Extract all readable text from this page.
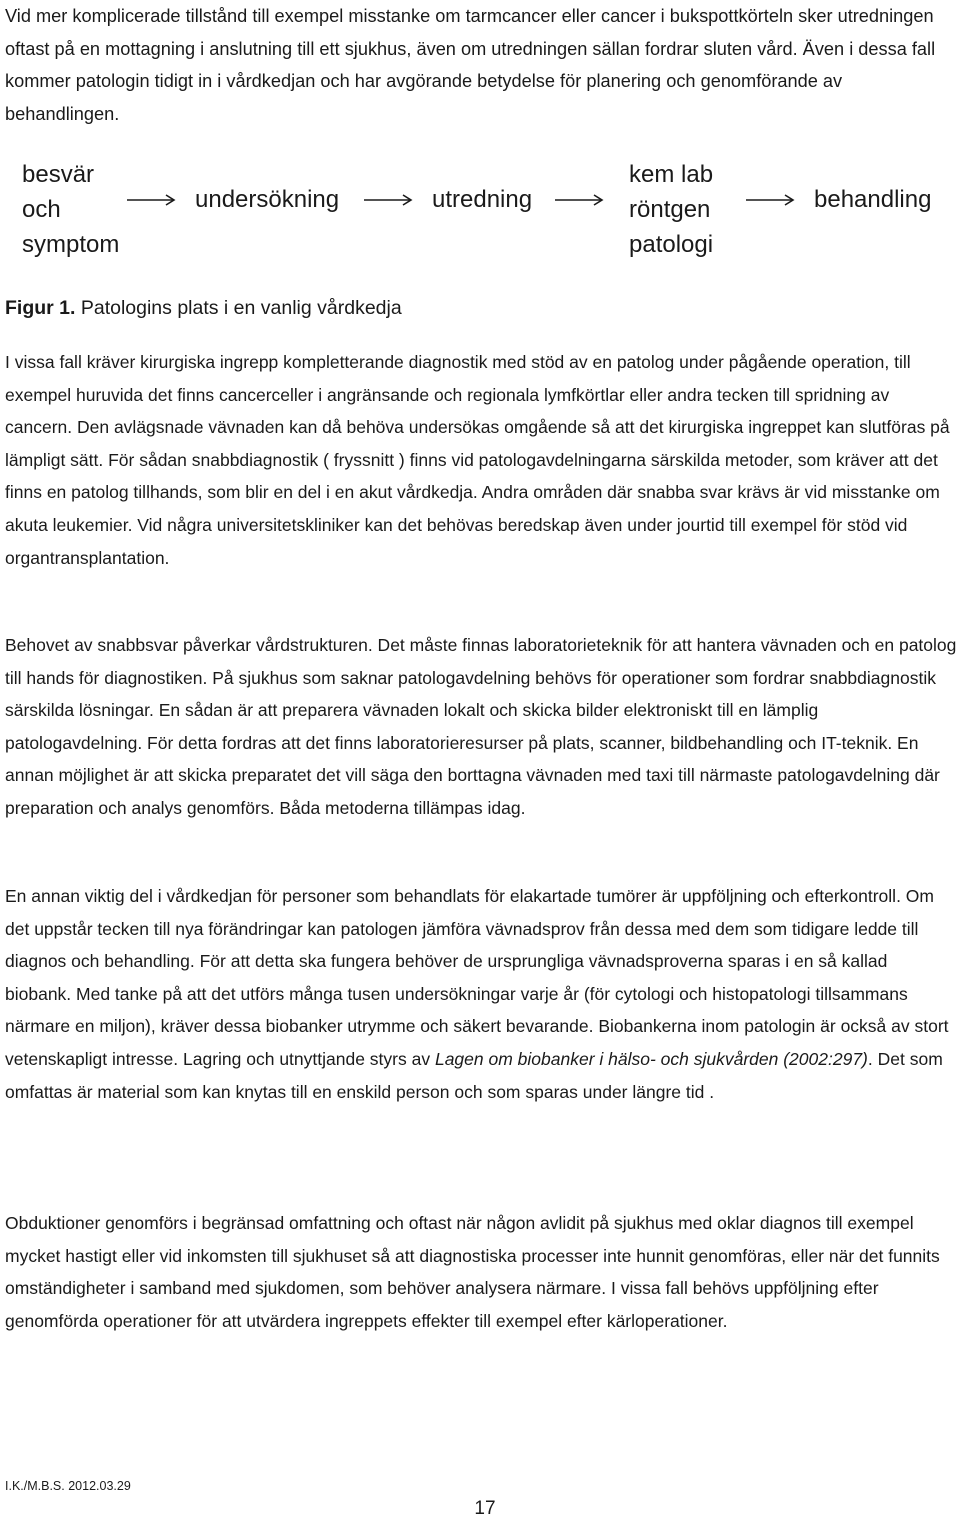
Vid mer komplicerade tillstånd till exempel misstanke om tarmcancer eller cancer i bukspottkörteln sker utredningen oftast på en mottagning i anslutning till ett sjukhus, även om utredningen sällan fordrar sluten vård. Även i dessa fall kommer patologin tidigt in i vårdkedjan och har avgörande betydelse för planering och genomförande av behandlingen.
besvär
och
symptom
undersökning	utredning
kem lab
röntgen
patologi
behandling
Figur 1. Patologins plats i en vanlig vårdkedja

I vissa fall kräver kirurgiska ingrepp kompletterande diagnostik med stöd av en patolog under pågående operation, till exempel huruvida det finns cancerceller i angränsande och regionala lymfkörtlar eller andra tecken till spridning av cancern. Den avlägsnade vävnaden kan då behöva undersökas omgående så att det kirurgiska ingreppet kan slutföras på lämpligt sätt. För sådan snabbdiagnostik ( fryssnitt ) finns vid patologavdelningarna särskilda metoder, som kräver att det finns en patolog tillhands, som blir en del i en akut vårdkedja. Andra områden där snabba svar krävs är vid misstanke om akuta leukemier. Vid några universitetskliniker kan det behövas beredskap även under jourtid till exempel för stöd vid organtransplantation.

Behovet av snabbsvar påverkar vårdstrukturen. Det måste finnas laboratorieteknik för att hantera vävnaden och en patolog till hands för diagnostiken. På sjukhus som saknar patologavdelning behövs för operationer som fordrar snabbdiagnostik särskilda lösningar. En sådan är att preparera vävnaden lokalt och skicka bilder elektroniskt till en lämplig patologavdelning. För detta fordras att det finns laboratorieresurser på plats, scanner, bildbehandling och IT-teknik. En annan möjlighet är att skicka preparatet det vill säga den borttagna vävnaden med taxi till närmaste patologavdelning där preparation och analys genomförs. Båda metoderna tillämpas idag.

En annan viktig del i vårdkedjan för personer som behandlats för elakartade tumörer är uppföljning och efterkontroll. Om det uppstår tecken till nya förändringar kan patologen jämföra vävnadsprov från dessa med dem som tidigare ledde till diagnos och behandling. För att detta ska fungera behöver de ursprungliga vävnadsproverna sparas i en så kallad biobank. Med tanke på att det utförs många tusen undersökningar varje år (för cytologi och histopatologi tillsammans närmare en miljon), kräver dessa biobanker utrymme och säkert bevarande. Biobankerna inom patologin är också av stort vetenskapligt intresse. Lagring och utnyttjande styrs av Lagen om biobanker i hälso- och sjukvården (2002:297). Det som omfattas är material som kan knytas till en enskild person och som sparas under längre tid .

Obduktioner genomförs i begränsad omfattning och oftast när någon avlidit på sjukhus med oklar diagnos till exempel mycket hastigt eller vid inkomsten till sjukhuset så att diagnostiska processer inte hunnit genomföras, eller när det funnits omständigheter i samband med sjukdomen, som behöver analysera närmare. I vissa fall behövs uppföljning efter genomförda operationer för att utvärdera ingreppets effekter till exempel efter kärloperationer.

I.K./M.B.S. 2012.03.29
17
